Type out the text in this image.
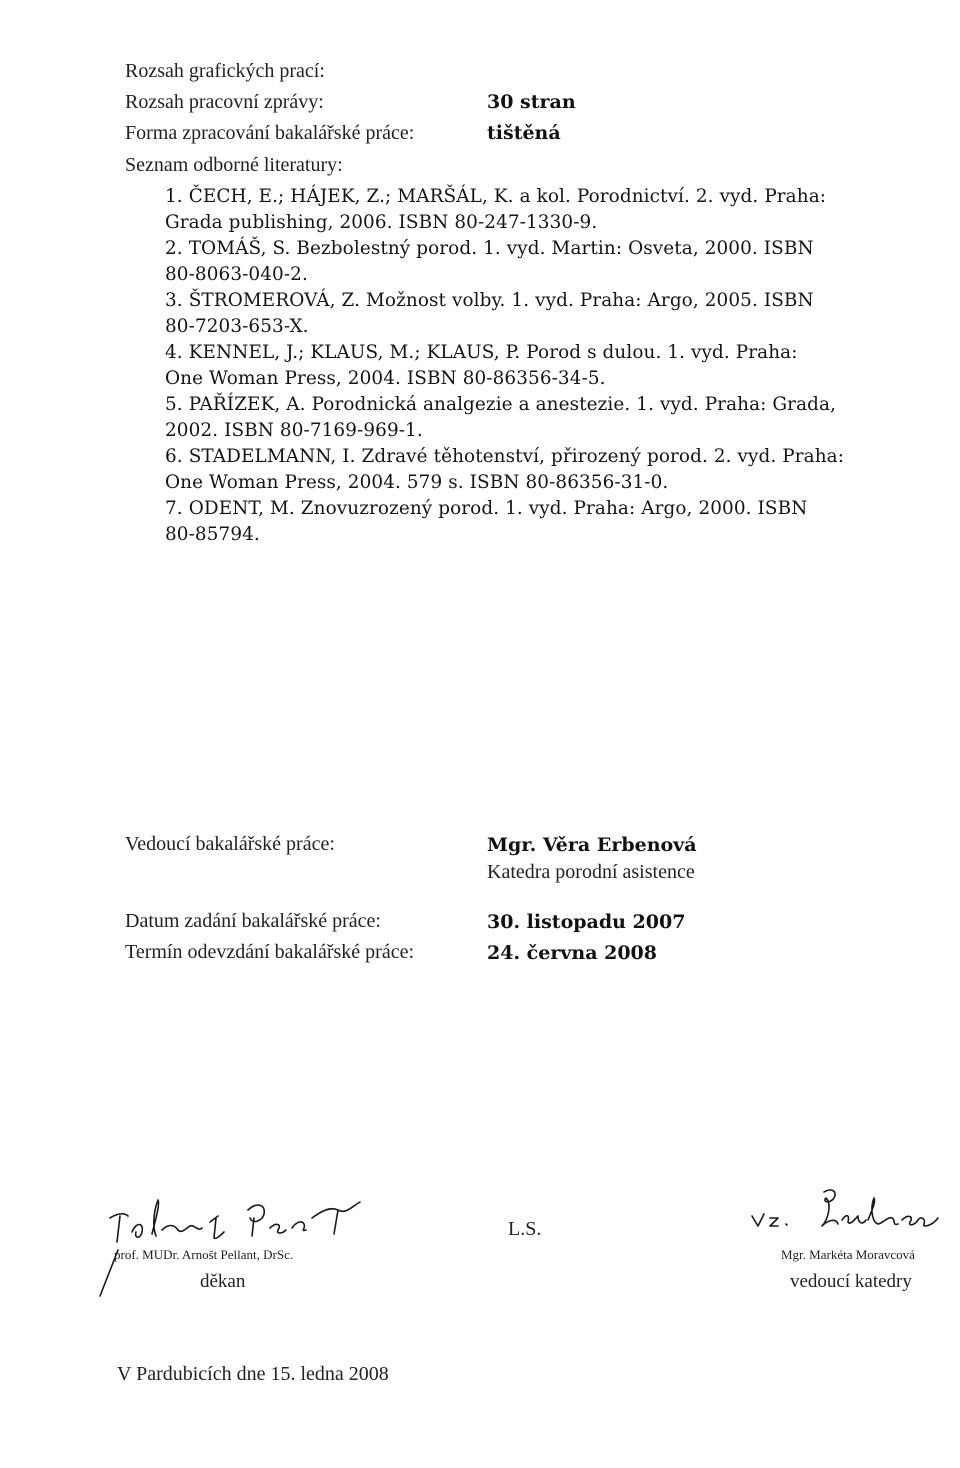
Rozsah grafických prací:
Rozsah pracovní zprávy:	30 stran
Forma zpracování bakalářské práce:	tištěná
Seznam odborné literatury:
1. ČECH, E.; HÁJEK, Z.; MARŠÁL, K. a kol. Porodnictví. 2. vyd. Praha:
Grada publishing, 2006. ISBN 80-247-1330-9.
2. TOMÁŠ, S. Bezbolestný porod. 1. vyd. Martin: Osveta, 2000. ISBN
80-8063-040-2.
3. ŠTROMEROVÁ, Z. Možnost volby. 1. vyd. Praha: Argo, 2005. ISBN
80-7203-653-X.
4. KENNEL, J.; KLAUS, M.; KLAUS, P. Porod s dulou. 1. vyd. Praha:
One Woman Press, 2004. ISBN 80-86356-34-5.
5. PAŘÍZEK, A. Porodnická analgezie a anestezie. 1. vyd. Praha: Grada,
2002. ISBN 80-7169-969-1.
6. STADELMANN, I. Zdravé těhotenství, přirozený porod. 2. vyd. Praha:
One Woman Press, 2004. 579 s. ISBN 80-86356-31-0.
7. ODENT, M. Znovuzrozený porod. 1. vyd. Praha: Argo, 2000. ISBN
80-85794.
Vedoucí bakalářské práce:	Mgr. Věra Erbenová
Katedra porodní asistence
Datum zadání bakalářské práce:	30. listopadu 2007
Termín odevzdání bakalářské práce:	24. června 2008
prof. MUDr. Arnošt Pellant, DrSc.
děkan
L.S.
Mgr. Markéta Moravcová
vedoucí katedry
V Pardubicích dne 15. ledna 2008
